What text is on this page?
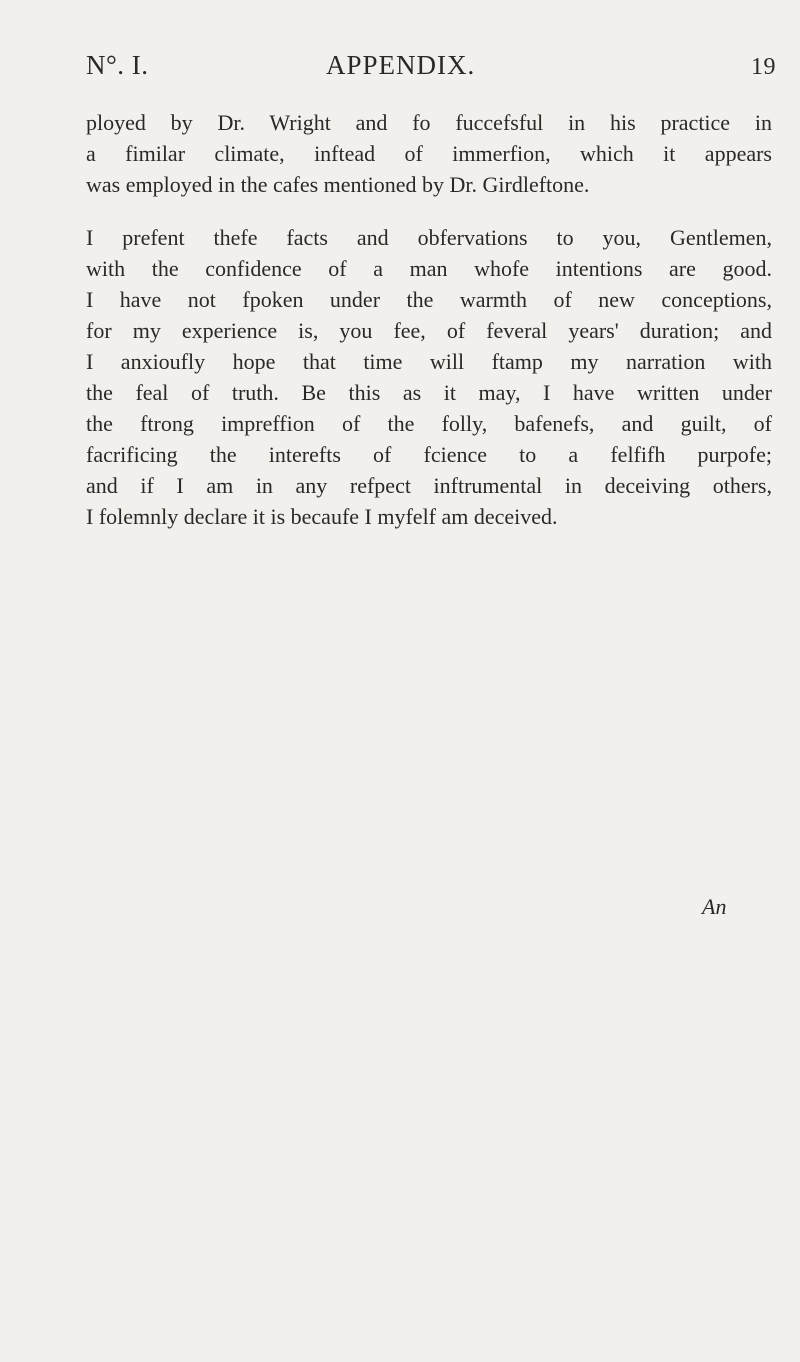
N°. I.	APPENDIX.	19
ployed by Dr. Wright and fo fuccefsful in his practice in
a fimilar climate, inftead of immerfion, which it appears
was employed in the cafes mentioned by Dr. Girdleftone.
I prefent thefe facts and obfervations to you, Gentlemen,
with the confidence of a man whofe intentions are good.
I have not fpoken under the warmth of new conceptions,
for my experience is, you fee, of feveral years' duration; and
I anxioufly hope that time will ftamp my narration with
the feal of truth. Be this as it may, I have written under
the ftrong impreffion of the folly, bafenefs, and guilt, of
facrificing the interefts of fcience to a felfifh purpofe;
and if I am in any refpect inftrumental in deceiving others,
I folemnly declare it is becaufe I myfelf am deceived.
An
